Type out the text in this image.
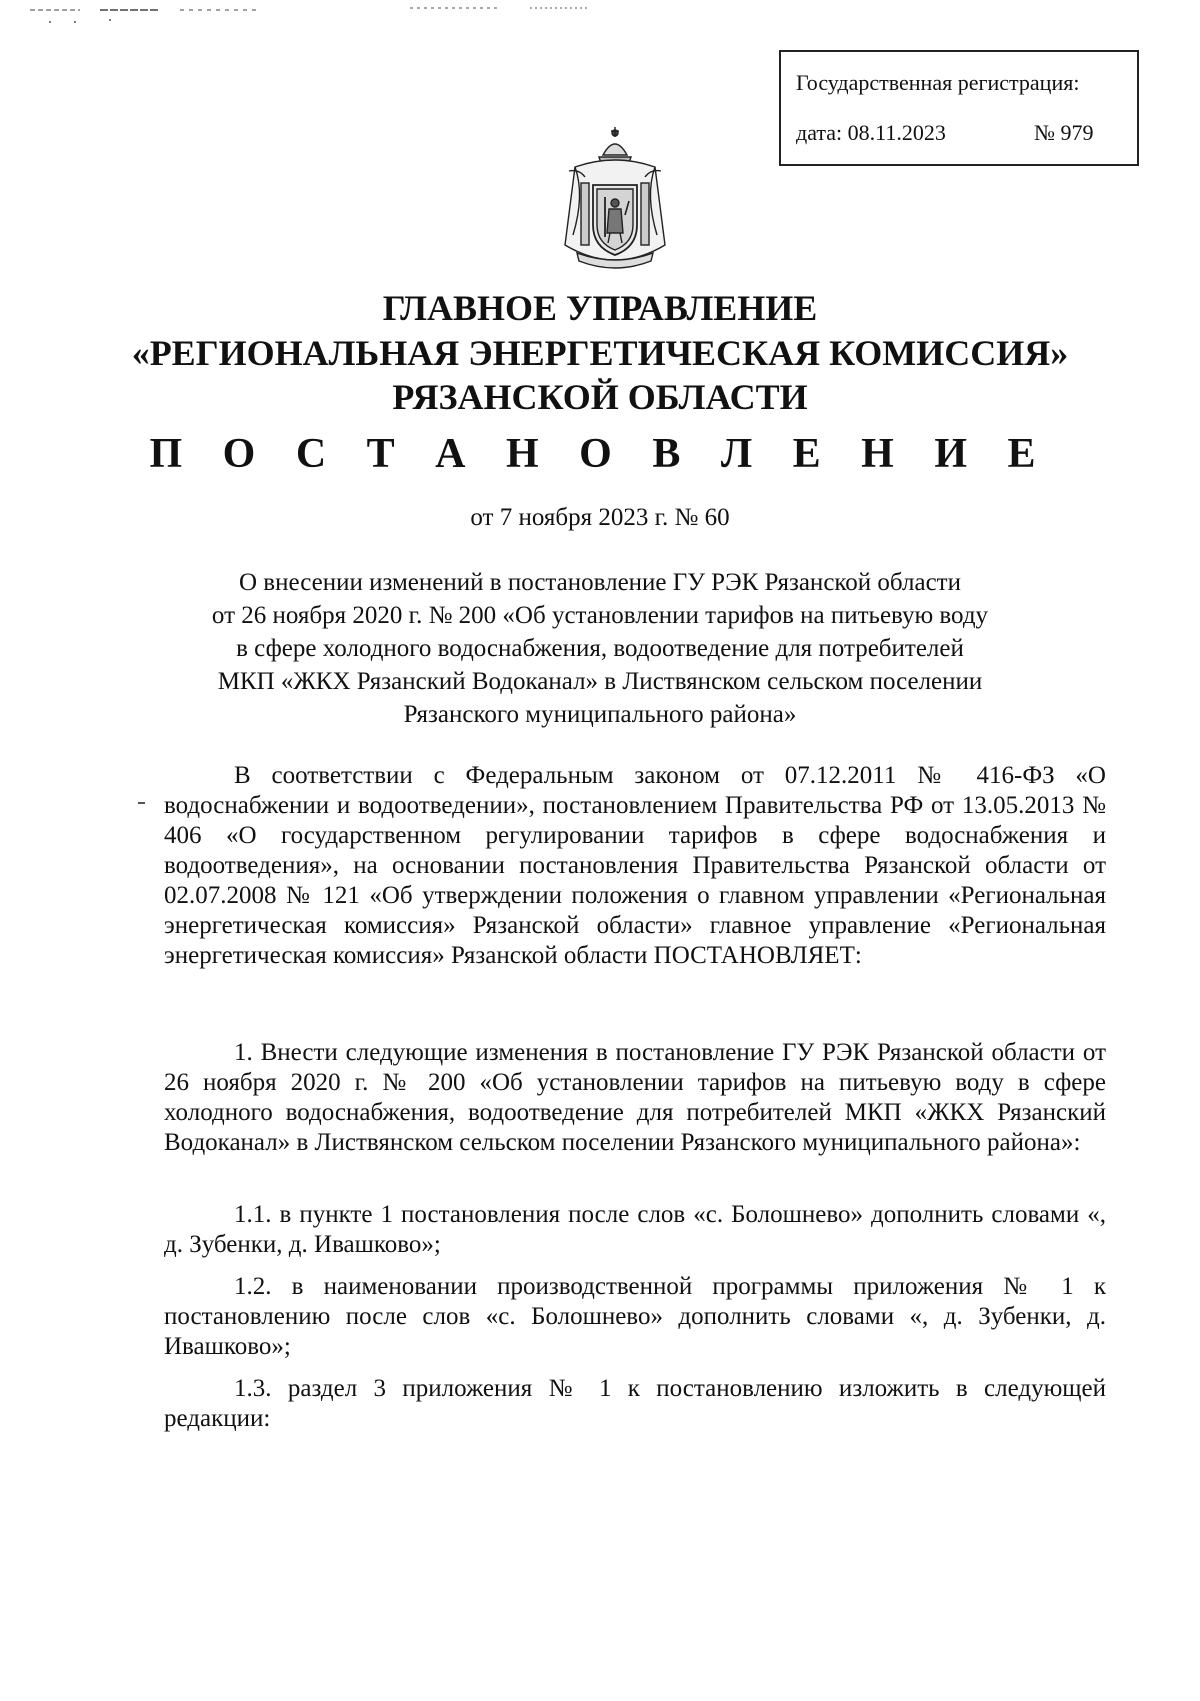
Государственная регистрация:
дата: 08.11.2023	№ 979
ГЛАВНОЕ УПРАВЛЕНИЕ
«РЕГИОНАЛЬНАЯ ЭНЕРГЕТИЧЕСКАЯ КОМИССИЯ»
РЯЗАНСКОЙ ОБЛАСТИ
П О С Т А Н О В Л Е Н И Е
от 7 ноября 2023 г. № 60
О внесении изменений в постановление ГУ РЭК Рязанской области
от 26 ноября 2020 г. № 200 «Об установлении тарифов на питьевую воду
в сфере холодного водоснабжения, водоотведение для потребителей
МКП «ЖКХ Рязанский Водоканал» в Листвянском сельском поселении
Рязанского муниципального района»
В соответствии с Федеральным законом от 07.12.2011 № 416-ФЗ «О водоснабжении и водоотведении», постановлением Правительства РФ от 13.05.2013 № 406 «О государственном регулировании тарифов в сфере водоснабжения и водоотведения», на основании постановления Правительства Рязанской области от 02.07.2008 № 121 «Об утверждении положения о главном управлении «Региональная энергетическая комиссия» Рязанской области» главное управление «Региональная энергетическая комиссия» Рязанской области ПОСТАНОВЛЯЕТ:
1. Внести следующие изменения в постановление ГУ РЭК Рязанской области от 26 ноября 2020 г. № 200 «Об установлении тарифов на питьевую воду в сфере холодного водоснабжения, водоотведение для потребителей МКП «ЖКХ Рязанский Водоканал» в Листвянском сельском поселении Рязанского муниципального района»:
1.1. в пункте 1 постановления после слов «с. Болошнево» дополнить словами «, д. Зубенки, д. Ивашково»;
1.2. в наименовании производственной программы приложения № 1 к постановлению после слов «с. Болошнево» дополнить словами «, д. Зубенки, д. Ивашково»;
1.3. раздел 3 приложения № 1 к постановлению изложить в следующей редакции:
